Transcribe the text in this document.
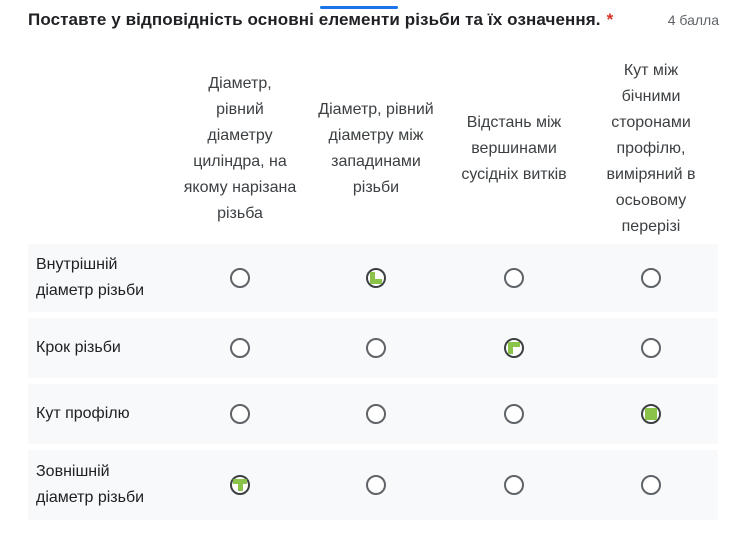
Поставте у відповідність основні елементи різьби та їх означення. *	4 балла
Діаметр,
рівний
діаметру
циліндра, на
якому нарізана
різьба
Діаметр, рівний
діаметру між
западинами
різьби
Відстань між
вершинами
сусідніх витків
Кут між
бічними
сторонами
профілю,
виміряний в
осьовому
перерізі
Внутрішній
діаметр різьби
Крок різьби
Кут профілю
Зовнішній
діаметр різьби
